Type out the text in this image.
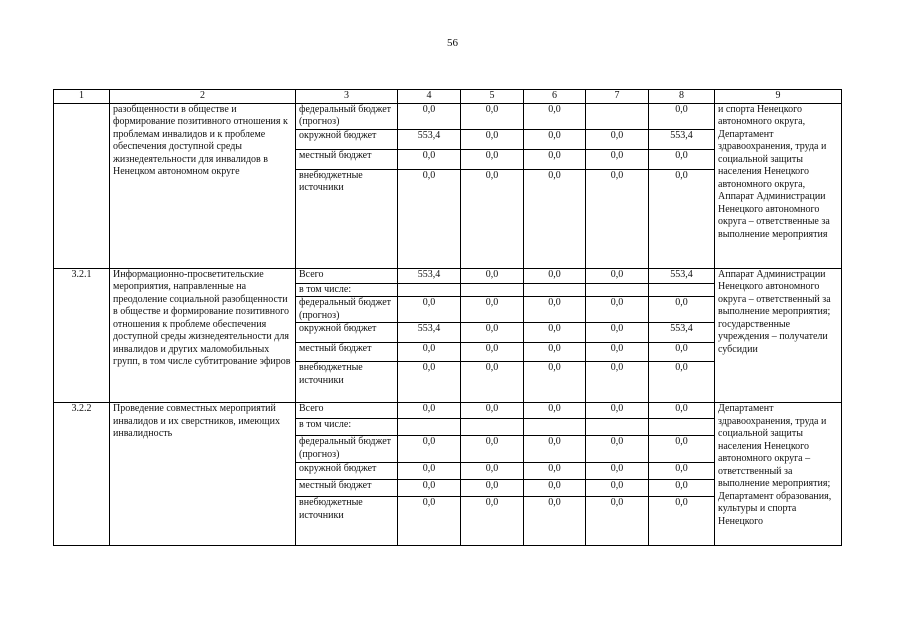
56
1	2	3	4	5	6	7	8	9
	разобщенности в обществе и формирование позитивного отношения к проблемам инвалидов и к проблеме обеспечения доступной среды жизнедеятельности для инвалидов в Ненецком автономном округе	федеральный бюджет (прогноз)	0,0	0,0	0,0		0,0	и спорта Ненецкого автономного округа, Департамент здравоохранения, труда и социальной защиты населения Ненецкого автономного округа, Аппарат Администрации Ненецкого автономного округа – ответственные за выполнение мероприятия
		окружной бюджет	553,4	0,0	0,0	0,0	553,4	
		местный бюджет	0,0	0,0	0,0	0,0	0,0	
		внебюджетные источники	0,0	0,0	0,0	0,0	0,0	
3.2.1	Информационно-просветительские мероприятия, направленные на преодоление социальной разобщенности в обществе и формирование позитивного отношения к проблеме обеспечения доступной среды жизнедеятельности для инвалидов и других маломобильных групп, в том числе субтитрование эфиров	Всего	553,4	0,0	0,0	0,0	553,4	Аппарат Администрации Ненецкого автономного округа – ответственный за выполнение мероприятия; государственные учреждения – получатели субсидии
		в том числе:						
		федеральный бюджет (прогноз)	0,0	0,0	0,0	0,0	0,0	
		окружной бюджет	553,4	0,0	0,0	0,0	553,4	
		местный бюджет	0,0	0,0	0,0	0,0	0,0	
		внебюджетные источники	0,0	0,0	0,0	0,0	0,0	
3.2.2	Проведение совместных мероприятий инвалидов и их сверстников, имеющих инвалидность	Всего	0,0	0,0	0,0	0,0	0,0	Департамент здравоохранения, труда и социальной защиты населения Ненецкого автономного округа – ответственный за выполнение мероприятия; Департамент образования, культуры и спорта Ненецкого
		в том числе:						
		федеральный бюджет (прогноз)	0,0	0,0	0,0	0,0	0,0	
		окружной бюджет	0,0	0,0	0,0	0,0	0,0	
		местный бюджет	0,0	0,0	0,0	0,0	0,0	
		внебюджетные источники	0,0	0,0	0,0	0,0	0,0	
